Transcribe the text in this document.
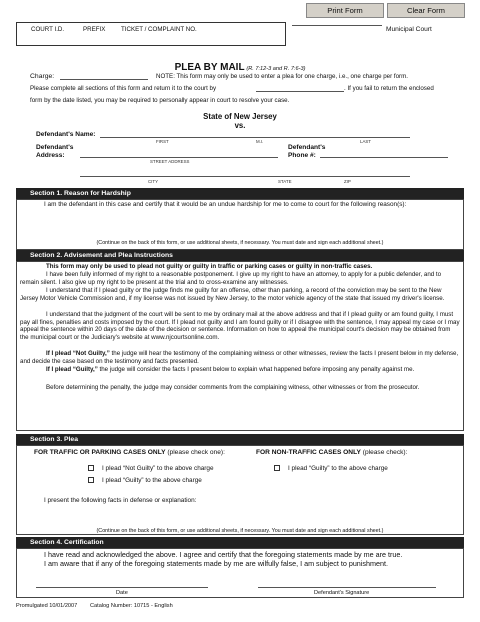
Print Form	Clear Form
COURT I.D.	PREFIX	TICKET / COMPLAINT NO.	Municipal Court
PLEA BY MAIL (R. 7:12-3 and R. 7:6-3)
Charge:	NOTE: This form may only be used to enter a plea for one charge, i.e., one charge per form.
Please complete all sections of this form and return it to the court by	. If you fail to return the enclosed
form by the date listed, you may be required to personally appear in court to resolve your case.
State of New Jersey
vs.
Defendant's Name:
FIRST	M.I.	LAST
Defendant's
Address:
STREET ADDRESS
Defendant's
Phone #:
CITY	STATE	ZIP
Section 1. Reason for Hardship
I am the defendant in this case and certify that it would be an undue hardship for me to come to court for the following reason(s):
(Continue on the back of this form, or use additional sheets, if necessary. You must date and sign each additional sheet.)
Section 2. Advisement and Plea Instructions

This form may only be used to plead not guilty or guilty in traffic or parking cases or guilty in non-traffic cases.

I have been fully informed of my right to a reasonable postponement. I give up my right to have an attorney, to apply for a public defender, and to remain silent. I also give up my right to be present at the trial and to cross-examine any witnesses.

I understand that if I plead guilty or the judge finds me guilty for an offense, other than parking, a record of the conviction may be sent to the New Jersey Motor Vehicle Commission and, if my license was not issued by New Jersey, to the motor vehicle agency of the state that issued my driver's license.

I understand that the judgment of the court will be sent to me by ordinary mail at the above address and that if I plead guilty or am found guilty, I must pay all fines, penalties and costs imposed by the court. If I plead not guilty and I am found guilty or if I disagree with the sentence, I may appeal my case or I may appeal the sentence within 20 days of the date of the decision or sentence. Information on how to appeal the municipal court's decision may be obtained from the municipal court or the Judiciary's website at www.njcourtsonline.com.

If I plead “Not Guilty,” the judge will hear the testimony of the complaining witness or other witnesses, review the facts I present below in my defense, and decide the case based on the testimony and facts presented.

If I plead “Guilty,” the judge will consider the facts I present below to explain what happened before imposing any penalty against me.

Before determining the penalty, the judge may consider comments from the complaining witness, other witnesses or from the prosecutor.

Section 3. Plea
FOR TRAFFIC OR PARKING CASES ONLY (please check one):	FOR NON-TRAFFIC CASES ONLY (please check):
I plead “Not Guilty” to the above charge
I plead “Guilty” to the above charge
I plead “Guilty” to the above charge
I present the following facts in defense or explanation:
(Continue on the back of this form, or use additional sheets, if necessary. You must date and sign each additional sheet.)
Section 4. Certification
I have read and acknowledged the above. I agree and certify that the foregoing statements made by me are true.
I am aware that if any of the foregoing statements made by me are wilfully false, I am subject to punishment.
Date	Defendant's Signature
Promulgated 10/01/2007 Catalog Number: 10715 - English
